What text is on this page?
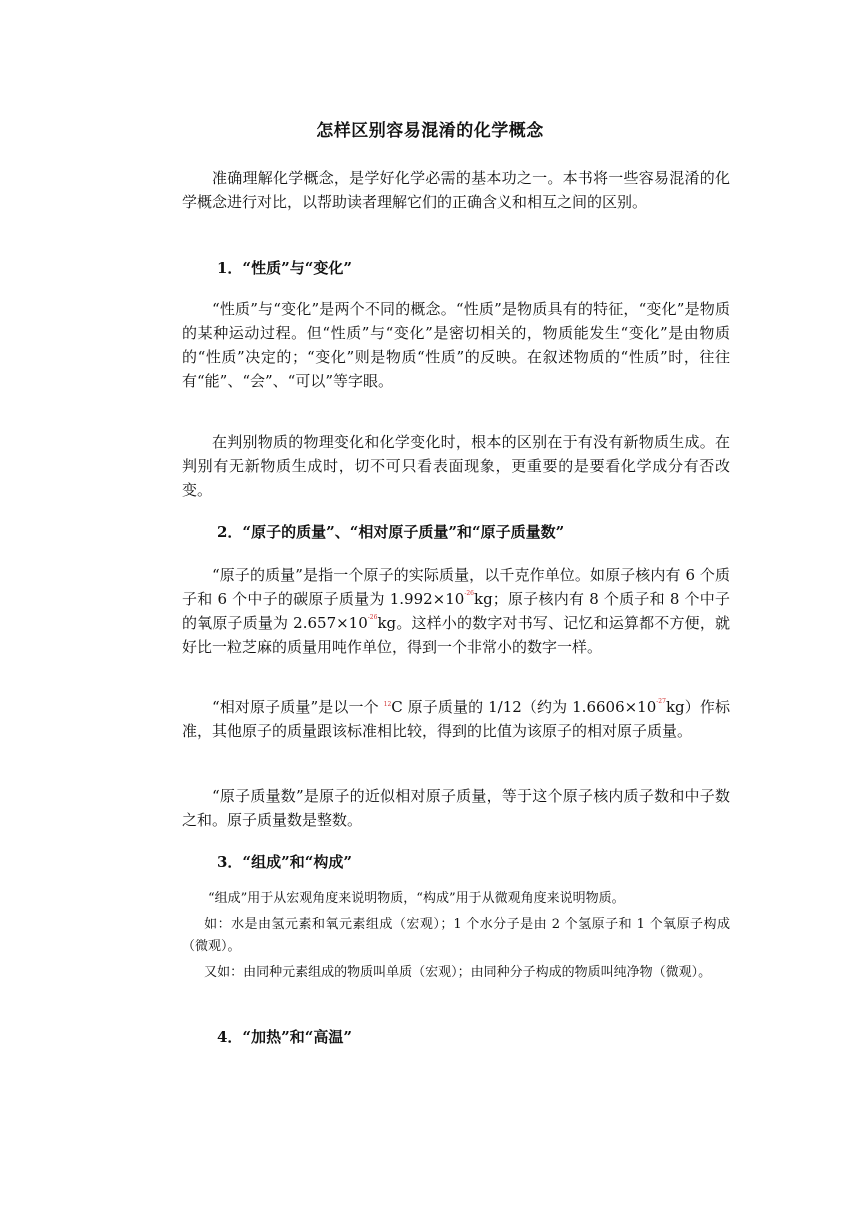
怎样区别容易混淆的化学概念
准确理解化学概念，是学好化学必需的基本功之一。本书将一些容易混淆的化学概念进行对比，以帮助读者理解它们的正确含义和相互之间的区别。
1．“性质”与“变化”
“性质”与“变化”是两个不同的概念。“性质”是物质具有的特征，“变化”是物质的某种运动过程。但“性质”与“变化”是密切相关的，物质能发生“变化”是由物质的“性质”决定的；“变化”则是物质“性质”的反映。在叙述物质的“性质”时，往往有“能”、“会”、“可以”等字眼。
在判别物质的物理变化和化学变化时，根本的区别在于有没有新物质生成。在判别有无新物质生成时，切不可只看表面现象，更重要的是要看化学成分有否改变。
2．“原子的质量”、“相对原子质量”和“原子质量数”
“原子的质量”是指一个原子的实际质量，以千克作单位。如原子核内有 6 个质子和 6 个中子的碳原子质量为 $1.992\times 10^{-26}kg$；原子核内有 8 个质子和 8 个中子的氧原子质量为 $2.657\times 10^{-26}kg$。这样小的数字对书写、记忆和运算都不方便，就好比一粒芝麻的质量用吨作单位，得到一个非常小的数字一样。
“相对原子质量”是以一个 $^{12}$C 原子质量的 1/12（约为 $1.6606\times 10^{-27}kg$）作标准，其他原子的质量跟该标准相比较，得到的比值为该原子的相对原子质量。
“原子质量数”是原子的近似相对原子质量，等于这个原子核内质子数和中子数之和。原子质量数是整数。
3．“组成”和“构成”
“组成”用于从宏观角度来说明物质，“构成”用于从微观角度来说明物质。
如：水是由氢元素和氧元素组成（宏观）；1 个水分子是由 2 个氢原子和 1 个氧原子构成（微观）。
又如：由同种元素组成的物质叫单质（宏观）；由同种分子构成的物质叫纯净物（微观）。
4．“加热”和“高温”
